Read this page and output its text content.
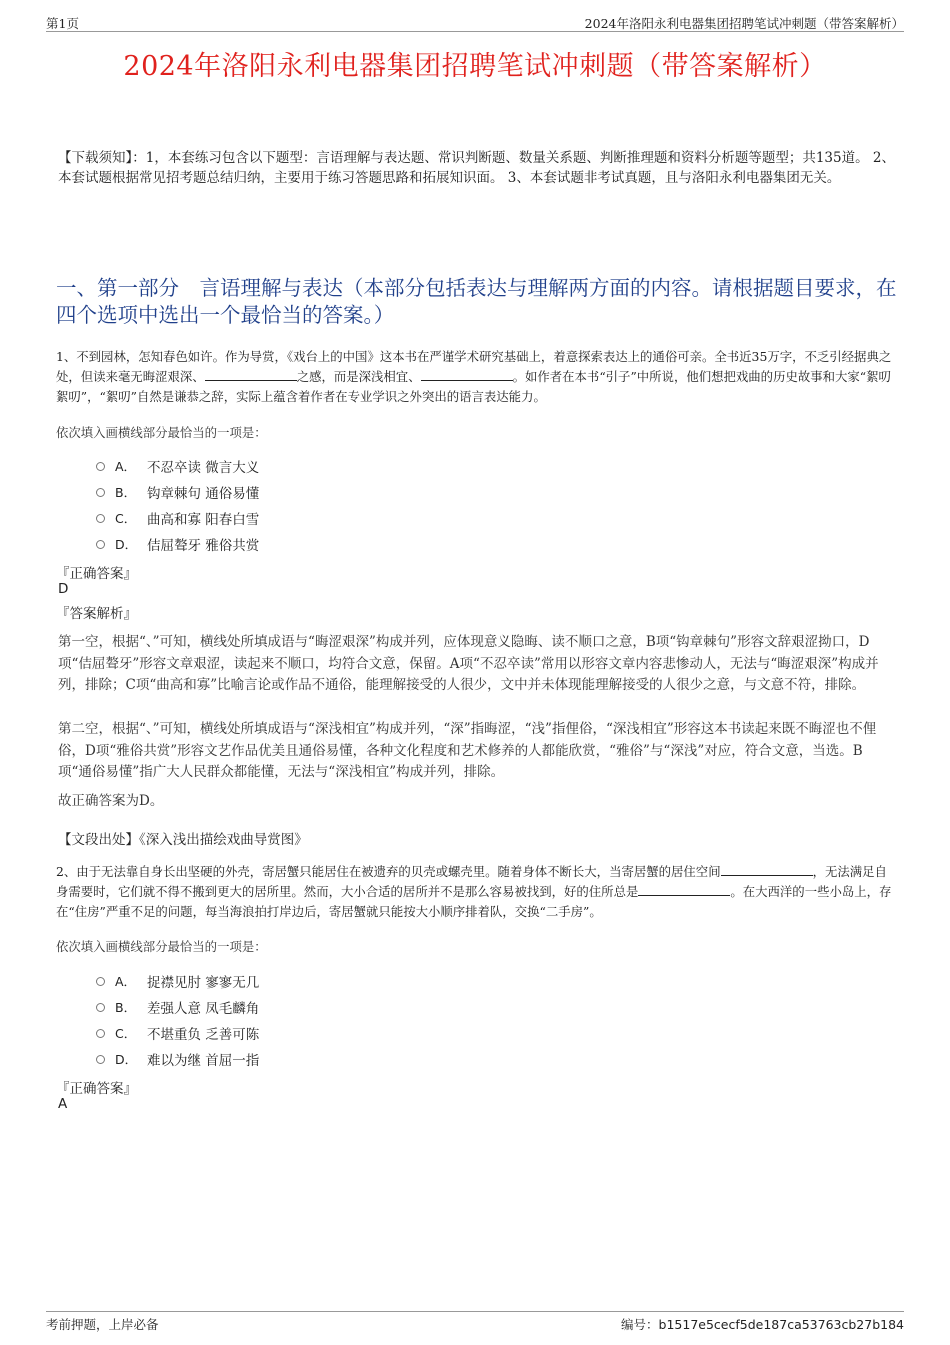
第1页	2024年洛阳永利电器集团招聘笔试冲刺题（带答案解析）
2024年洛阳永利电器集团招聘笔试冲刺题（带答案解析）
【下载须知】：1，本套练习包含以下题型：言语理解与表达题、常识判断题、数量关系题、判断推理题和资料分析题等题型；共135道。 2、本套试题根据常见招考题总结归纳，主要用于练习答题思路和拓展知识面。 3、本套试题非考试真题，且与洛阳永利电器集团无关。
一、第一部分　言语理解与表达（本部分包括表达与理解两方面的内容。请根据题目要求，在四个选项中选出一个最恰当的答案。）
1、不到园林，怎知春色如许。作为导赏，《戏台上的中国》这本书在严谨学术研究基础上，着意探索表达上的通俗可亲。全书近35万字，不乏引经据典之处，但读来毫无晦涩艰深、	之感，而是深浅相宜、	。如作者在本书“引子”中所说，他们想把戏曲的历史故事和大家“絮叨絮叨”，“絮叨”自然是谦恭之辞，实际上蕴含着作者在专业学识之外突出的语言表达能力。
依次填入画横线部分最恰当的一项是：
A． 不忍卒读 微言大义
B． 钩章棘句 通俗易懂
C． 曲高和寡 阳春白雪
D． 佶屈聱牙 雅俗共赏
『正确答案』
D
『答案解析』
第一空，根据“、”可知，横线处所填成语与“晦涩艰深”构成并列，应体现意义隐晦、读不顺口之意，B项“钩章棘句”形容文辞艰涩拗口，D项“佶屈聱牙”形容文章艰涩，读起来不顺口，均符合文意，保留。A项“不忍卒读”常用以形容文章内容悲惨动人，无法与“晦涩艰深”构成并列，排除；C项“曲高和寡”比喻言论或作品不通俗，能理解接受的人很少，文中并未体现能理解接受的人很少之意，与文意不符，排除。
第二空，根据“、”可知，横线处所填成语与“深浅相宜”构成并列，“深”指晦涩，“浅”指俚俗，“深浅相宜”形容这本书读起来既不晦涩也不俚俗，D项“雅俗共赏”形容文艺作品优美且通俗易懂，各种文化程度和艺术修养的人都能欣赏，“雅俗”与“深浅”对应，符合文意，当选。B项“通俗易懂”指广大人民群众都能懂，无法与“深浅相宜”构成并列，排除。
故正确答案为D。
【文段出处】《深入浅出描绘戏曲导赏图》
2、由于无法靠自身长出坚硬的外壳，寄居蟹只能居住在被遗弃的贝壳或螺壳里。随着身体不断长大，当寄居蟹的居住空间	，无法满足自身需要时，它们就不得不搬到更大的居所里。然而，大小合适的居所并不是那么容易被找到，好的住所总是	。在大西洋的一些小岛上，存在“住房”严重不足的问题，每当海浪拍打岸边后，寄居蟹就只能按大小顺序排着队，交换“二手房”。
依次填入画横线部分最恰当的一项是：
A． 捉襟见肘 寥寥无几
B． 差强人意 凤毛麟角
C． 不堪重负 乏善可陈
D． 难以为继 首屈一指
『正确答案』
A
考前押题，上岸必备	编号：b1517e5cecf5de187ca53763cb27b184
